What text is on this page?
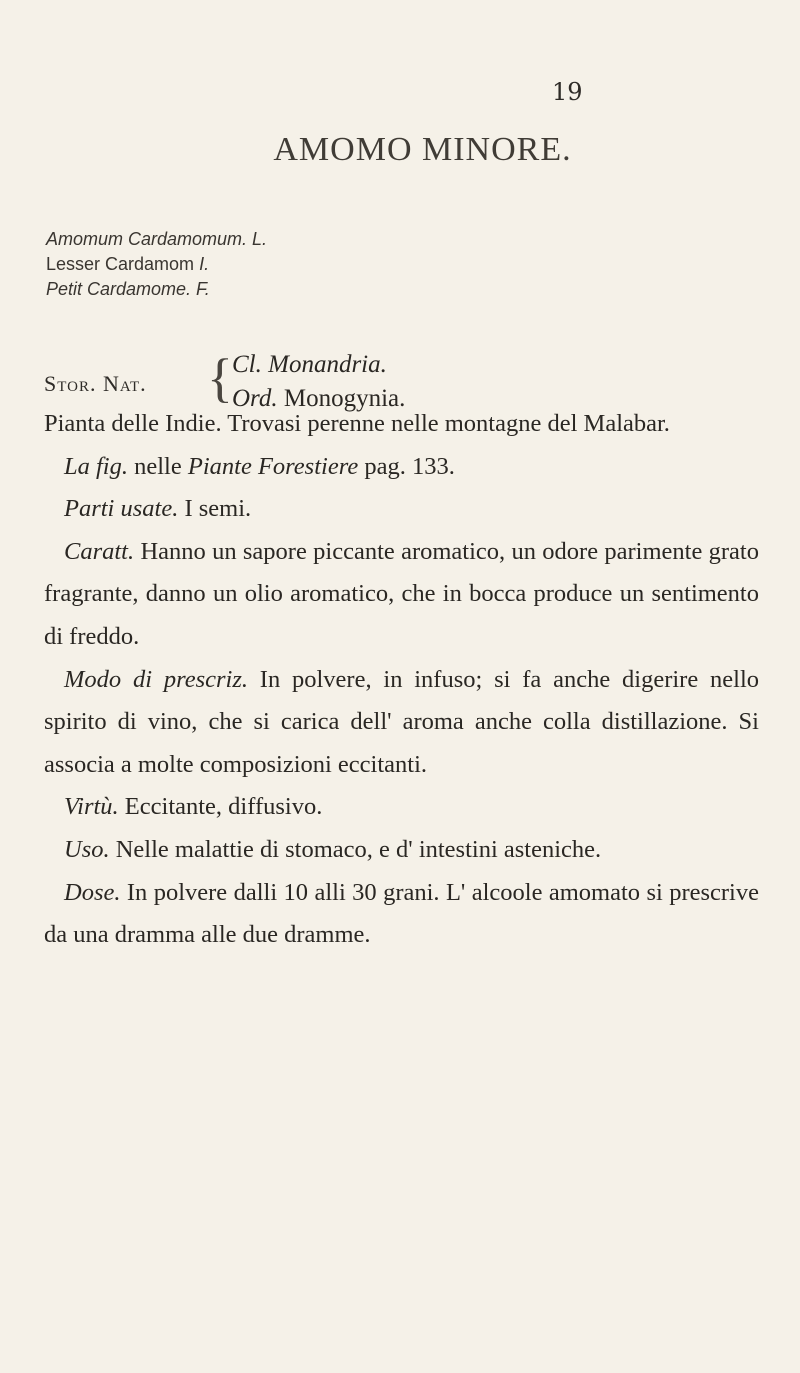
19
AMOMO MINORE.
Amomum Cardamomum. L.
Lesser Cardamom I.
Petit Cardamome. F.
Stor. Nat. { Cl. Monandria.
Ord. Monogynia.

Pianta delle Indie. Trovasi perenne nelle montagne del Malabar.

La fig. nelle Piante Forestiere pag. 133.

Parti usate. I semi.

Caratt. Hanno un sapore piccante aromatico, un odore parimente grato fragrante, danno un olio aromatico, che in bocca produce un sentimento di freddo.

Modo di prescriz. In polvere, in infuso; si fa anche digerire nello spirito di vino, che si carica dell' aroma anche colla distillazione. Si associa a molte composizioni eccitanti.

Virtù. Eccitante, diffusivo.

Uso. Nelle malattie di stomaco, e d' intestini asteniche.

Dose. In polvere dalli 10 alli 30 grani. L' alcoole amomato si prescrive da una dramma alle due dramme.
